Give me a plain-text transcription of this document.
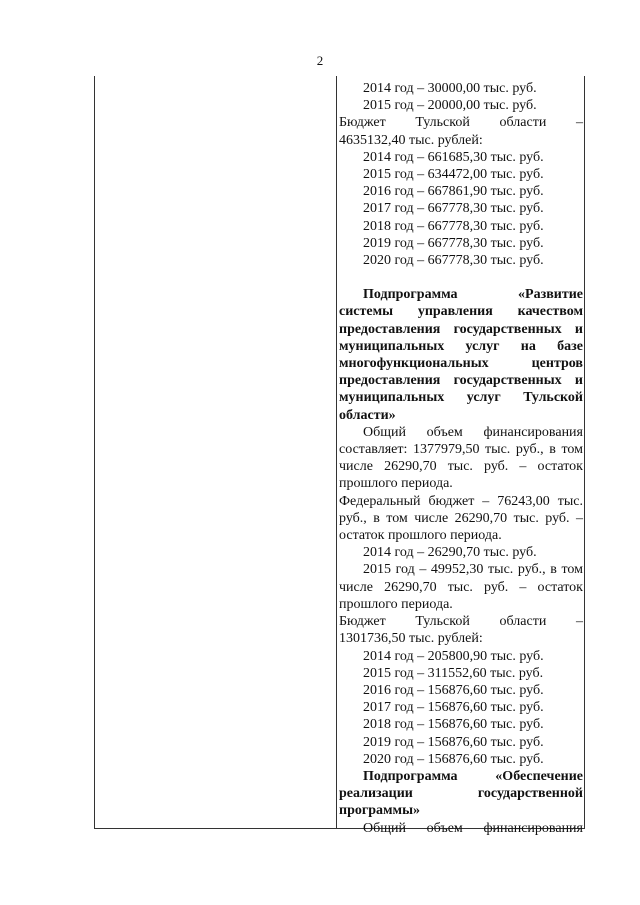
2
2014 год – 30000,00 тыс. руб.
2015 год – 20000,00 тыс. руб.
Бюджет Тульской области –
4635132,40 тыс. рублей:
2014 год – 661685,30 тыс. руб.
2015 год – 634472,00 тыс. руб.
2016 год – 667861,90 тыс. руб.
2017 год – 667778,30 тыс. руб.
2018 год – 667778,30 тыс. руб.
2019 год – 667778,30 тыс. руб.
2020 год – 667778,30 тыс. руб.
Подпрограмма «Развитие системы управления качеством предоставления государственных и муниципальных услуг на базе многофункциональных центров предоставления государственных и муниципальных услуг Тульской области»
Общий объем финансирования составляет: 1377979,50 тыс. руб., в том числе 26290,70 тыс. руб. – остаток прошлого периода.
Федеральный бюджет – 76243,00 тыс. руб., в том числе 26290,70 тыс. руб. – остаток прошлого периода.
2014 год – 26290,70 тыс. руб.
2015 год – 49952,30 тыс. руб., в том числе 26290,70 тыс. руб. – остаток прошлого периода.
Бюджет Тульской области –
1301736,50 тыс. рублей:
2014 год – 205800,90 тыс. руб.
2015 год – 311552,60 тыс. руб.
2016 год – 156876,60 тыс. руб.
2017 год – 156876,60 тыс. руб.
2018 год – 156876,60 тыс. руб.
2019 год – 156876,60 тыс. руб.
2020 год – 156876,60 тыс. руб.
Подпрограмма «Обеспечение реализации государственной программы»
Общий объем финансирования
